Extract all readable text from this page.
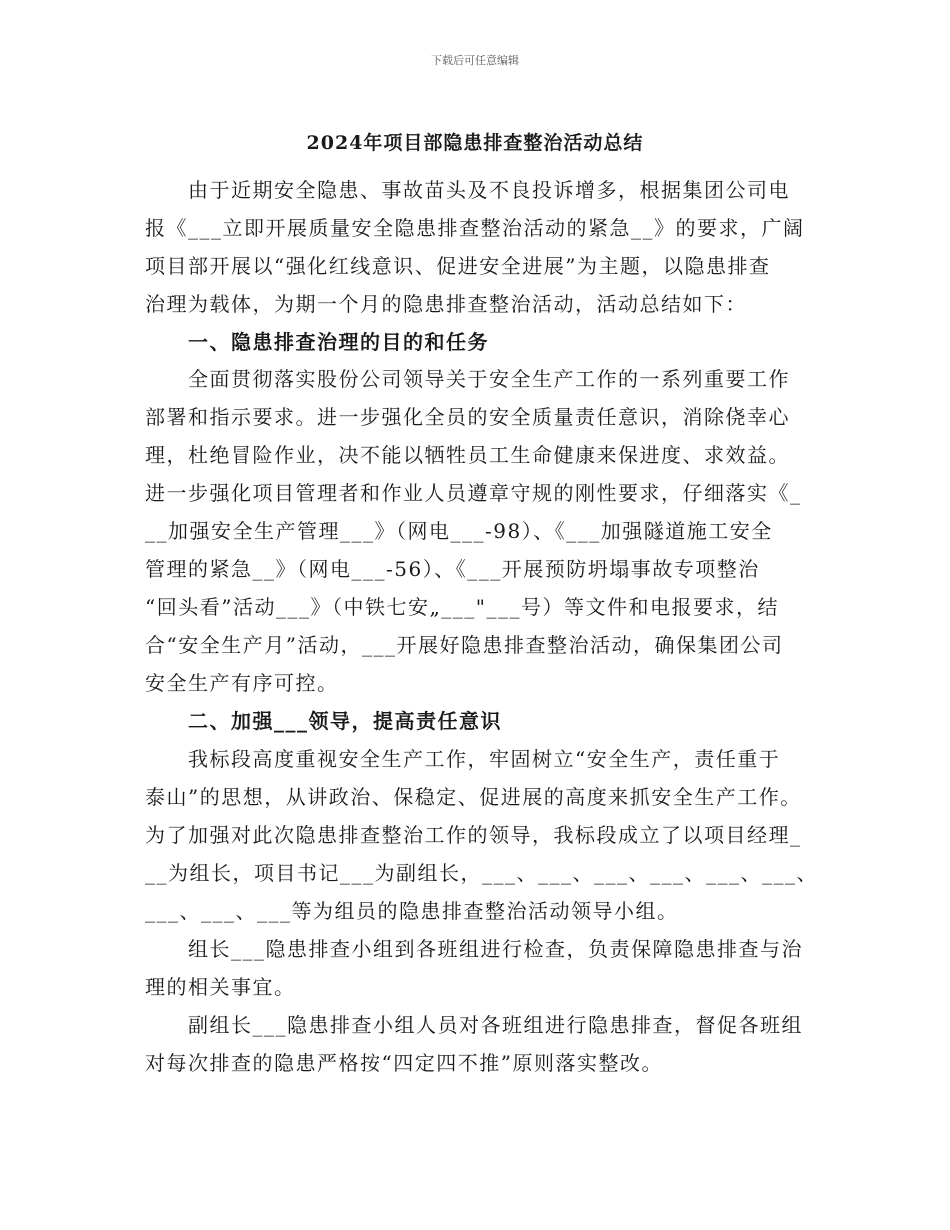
下载后可任意编辑
2024年项目部隐患排查整治活动总结
由于近期安全隐患、事故苗头及不良投诉增多，根据集团公司电
报《___立即开展质量安全隐患排查整治活动的紧急__》的要求，广阔
项目部开展以“强化红线意识、促进安全进展”为主题，以隐患排查
治理为载体，为期一个月的隐患排查整治活动，活动总结如下：
一、隐患排查治理的目的和任务
全面贯彻落实股份公司领导关于安全生产工作的一系列重要工作
部署和指示要求。进一步强化全员的安全质量责任意识，消除侥幸心
理，杜绝冒险作业，决不能以牺牲员工生命健康来保进度、求效益。
进一步强化项目管理者和作业人员遵章守规的刚性要求，仔细落实《_
__加强安全生产管理___》（网电___-98）、《___加强隧道施工安全
管理的紧急__》（网电___-56）、《___开展预防坍塌事故专项整治
“回头看”活动___》（中铁七安„___"___号）等文件和电报要求，结
合“安全生产月”活动，___开展好隐患排查整治活动，确保集团公司
安全生产有序可控。
二、加强___领导，提高责任意识
我标段高度重视安全生产工作，牢固树立“安全生产，责任重于
泰山”的思想，从讲政治、保稳定、促进展的高度来抓安全生产工作。
为了加强对此次隐患排查整治工作的领导，我标段成立了以项目经理_
__为组长，项目书记___为副组长，___、___、___、___、___、___、
___、___、___等为组员的隐患排查整治活动领导小组。
组长___隐患排查小组到各班组进行检查，负责保障隐患排查与治
理的相关事宜。
副组长___隐患排查小组人员对各班组进行隐患排查，督促各班组
对每次排查的隐患严格按“四定四不推”原则落实整改。
